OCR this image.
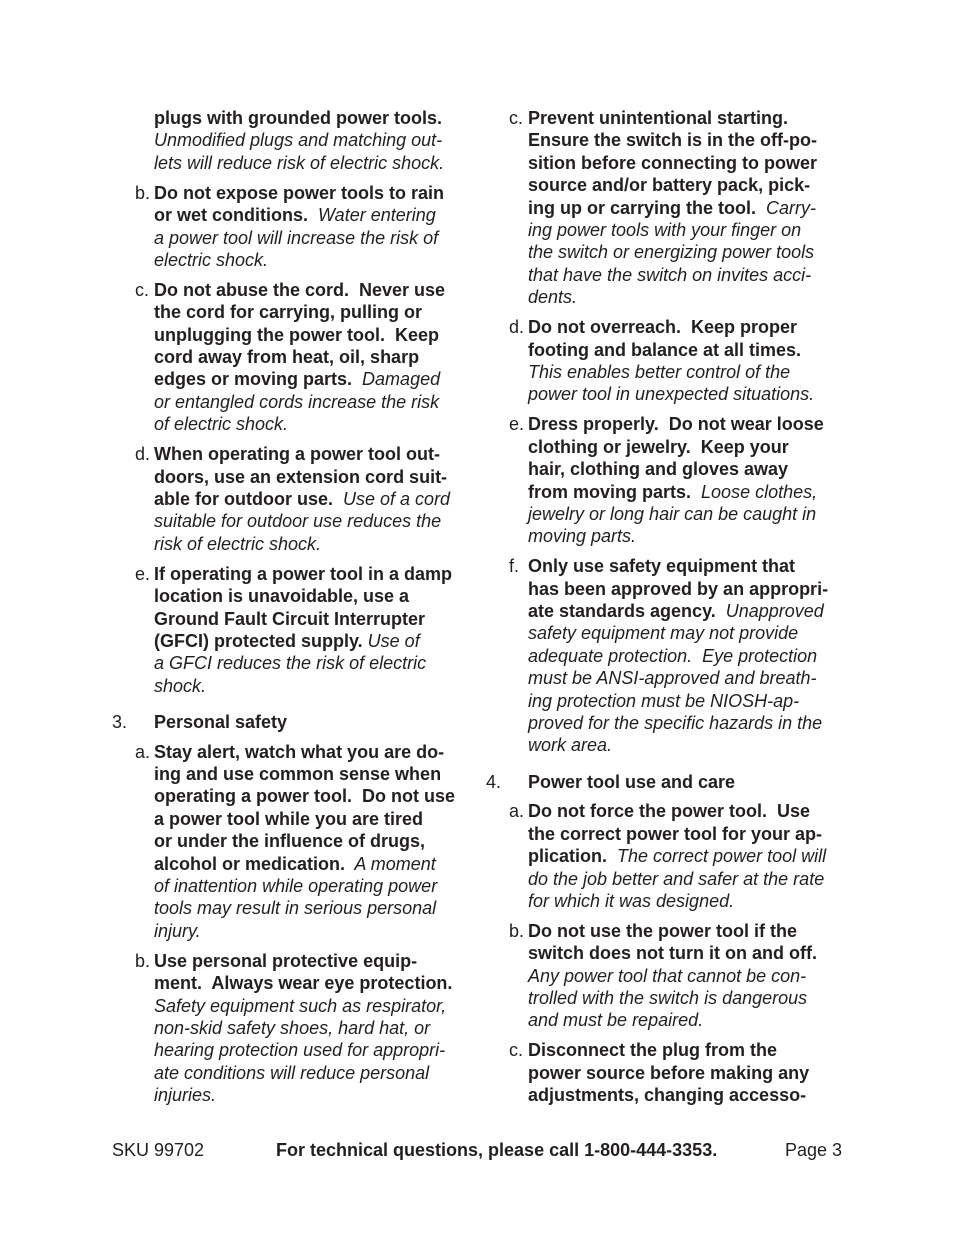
plugs with grounded power tools.
Unmodified plugs and matching out-
lets will reduce risk of electric shock.
b. Do not expose power tools to rain
or wet conditions.  Water entering
a power tool will increase the risk of
electric shock.
c. Do not abuse the cord.  Never use
the cord for carrying, pulling or
unplugging the power tool.  Keep
cord away from heat, oil, sharp
edges or moving parts.  Damaged
or entangled cords increase the risk
of electric shock.
d. When operating a power tool out-
doors, use an extension cord suit-
able for outdoor use.  Use of a cord
suitable for outdoor use reduces the
risk of electric shock.
e. If operating a power tool in a damp
location is unavoidable, use a
Ground Fault Circuit Interrupter
(GFCI) protected supply. Use of
a GFCI reduces the risk of electric
shock.
3. Personal safety
a. Stay alert, watch what you are do-
ing and use common sense when
operating a power tool.  Do not use
a power tool while you are tired
or under the influence of drugs,
alcohol or medication.  A moment
of inattention while operating power
tools may result in serious personal
injury.
b. Use personal protective equip-
ment.  Always wear eye protection.
Safety equipment such as respirator,
non-skid safety shoes, hard hat, or
hearing protection used for appropri-
ate conditions will reduce personal
injuries.
c. Prevent unintentional starting.
Ensure the switch is in the off-po-
sition before connecting to power
source and/or battery pack, pick-
ing up or carrying the tool.  Carry-
ing power tools with your finger on
the switch or energizing power tools
that have the switch on invites acci-
dents.
d. Do not overreach.  Keep proper
footing and balance at all times.
This enables better control of the
power tool in unexpected situations.
e. Dress properly.  Do not wear loose
clothing or jewelry.  Keep your
hair, clothing and gloves away
from moving parts.  Loose clothes,
jewelry or long hair can be caught in
moving parts.
f. Only use safety equipment that
has been approved by an appropri-
ate standards agency.  Unapproved
safety equipment may not provide
adequate protection.  Eye protection
must be ANSI-approved and breath-
ing protection must be NIOSH-ap-
proved for the specific hazards in the
work area.
4. Power tool use and care
a. Do not force the power tool.  Use
the correct power tool for your ap-
plication.  The correct power tool will
do the job better and safer at the rate
for which it was designed.
b. Do not use the power tool if the
switch does not turn it on and off.
Any power tool that cannot be con-
trolled with the switch is dangerous
and must be repaired.
c. Disconnect the plug from the
power source before making any
adjustments, changing accesso-
SKU 99702	For technical questions, please call 1-800-444-3353.	Page 3
